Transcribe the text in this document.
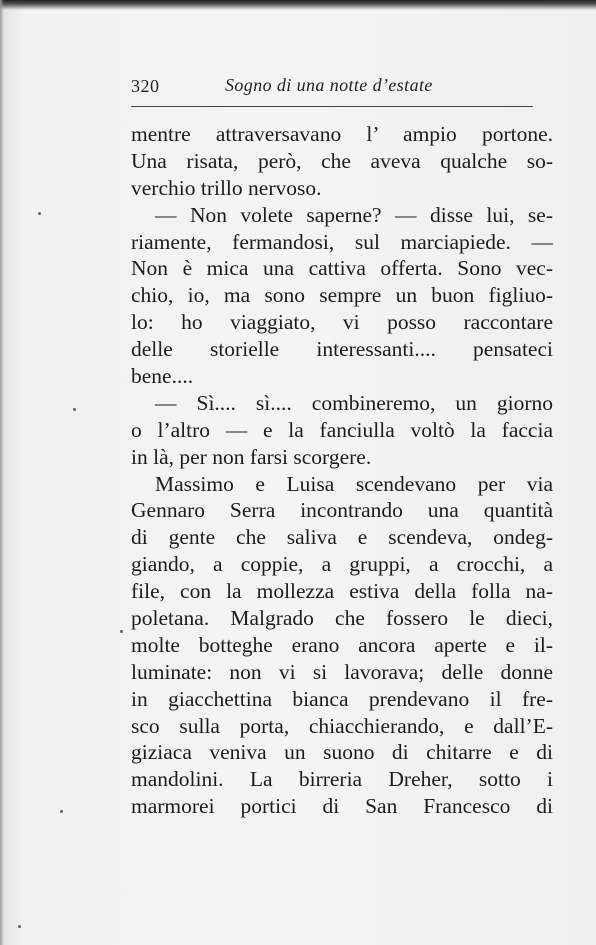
320	Sogno di una notte d’estate
mentre attraversavano l’ ampio portone.
Una risata, però, che aveva qualche so-
verchio trillo nervoso.
— Non volete saperne? — disse lui, se-
riamente, fermandosi, sul marciapiede. —
Non è mica una cattiva offerta. Sono vec-
chio, io, ma sono sempre un buon figliuo-
lo: ho viaggiato, vi posso raccontare
delle storielle interessanti.... pensateci
bene....
— Sì.... sì.... combineremo, un giorno
o l’altro — e la fanciulla voltò la faccia
in là, per non farsi scorgere.
Massimo e Luisa scendevano per via
Gennaro Serra incontrando una quantità
di gente che saliva e scendeva, ondeg-
giando, a coppie, a gruppi, a crocchi, a
file, con la mollezza estiva della folla na-
poletana. Malgrado che fossero le dieci,
molte botteghe erano ancora aperte e il-
luminate: non vi si lavorava; delle donne
in giacchettina bianca prendevano il fre-
sco sulla porta, chiacchierando, e dall’E-
giziaca veniva un suono di chitarre e di
mandolini. La birreria Dreher, sotto i
marmorei portici di San Francesco di
